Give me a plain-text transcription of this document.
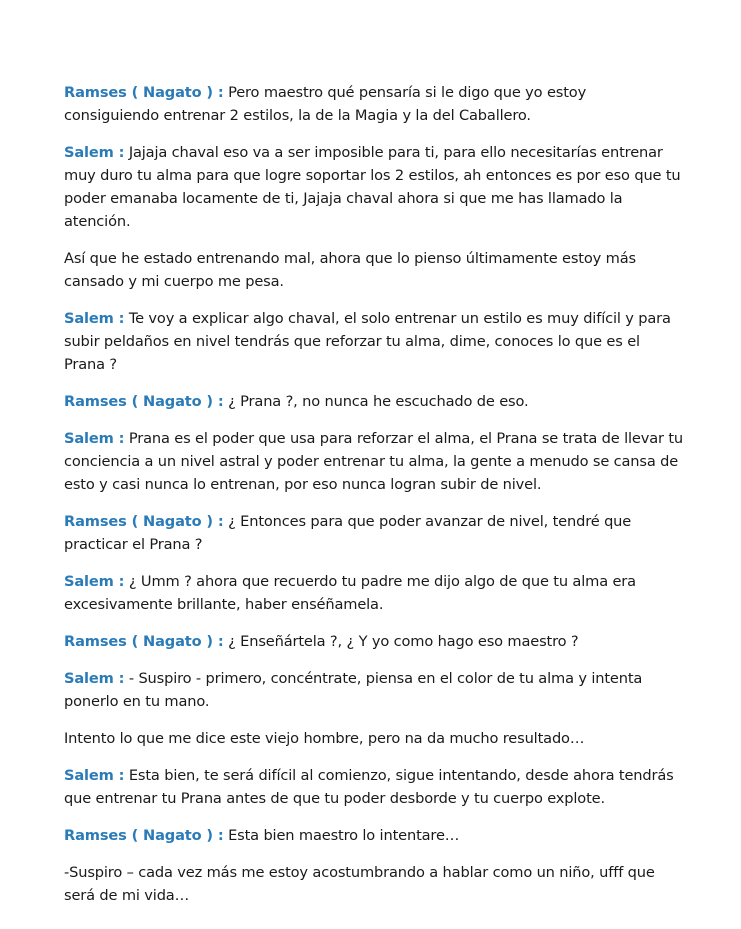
Ramses ( Nagato ) : Pero maestro qué pensaría si le digo que yo estoy consiguiendo entrenar 2 estilos, la de la Magia y la del Caballero.

Salem : Jajaja chaval eso va a ser imposible para ti, para ello necesitarías entrenar muy duro tu alma para que logre soportar los 2 estilos, ah entonces es por eso que tu poder emanaba locamente de ti, Jajaja chaval ahora si que me has llamado la atención.

Así que he estado entrenando mal, ahora que lo pienso últimamente estoy más cansado y mi cuerpo me pesa.

Salem : Te voy a explicar algo chaval, el solo entrenar un estilo es muy difícil y para subir peldaños en nivel tendrás que reforzar tu alma, dime, conoces lo que es el Prana ?

Ramses ( Nagato ) : ¿ Prana ?, no nunca he escuchado de eso.

Salem : Prana es el poder que usa para reforzar el alma, el Prana se trata de llevar tu conciencia a un nivel astral y poder entrenar tu alma, la gente a menudo se cansa de esto y casi nunca lo entrenan, por eso nunca logran subir de nivel.

Ramses ( Nagato ) : ¿ Entonces para que poder avanzar de nivel, tendré que practicar el Prana ?

Salem : ¿ Umm ? ahora que recuerdo tu padre me dijo algo de que tu alma era excesivamente brillante, haber enséñamela.

Ramses ( Nagato ) : ¿ Enseñártela ?, ¿ Y yo como hago eso maestro ?

Salem : - Suspiro - primero, concéntrate, piensa en el color de tu alma y intenta ponerlo en tu mano.

Intento lo que me dice este viejo hombre, pero na da mucho resultado…

Salem : Esta bien, te será difícil al comienzo, sigue intentando, desde ahora tendrás que entrenar tu Prana antes de que tu poder desborde y tu cuerpo explote.

Ramses ( Nagato ) : Esta bien maestro lo intentare…

-Suspiro – cada vez más me estoy acostumbrando a hablar como un niño, ufff que será de mi vida…
